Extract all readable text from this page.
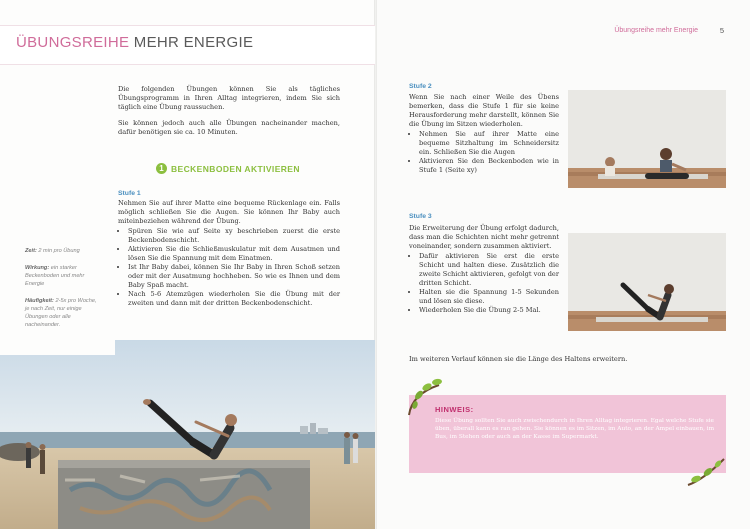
ÜBUNGSREIHE MEHR ENERGIE

Die folgenden Übungen können Sie als tägliches Übungsprogramm in Ihren Alltag integrieren, indem Sie sich täglich eine Übung raussuchen.

Sie können jedoch auch alle Übungen nacheinander machen, dafür benötigen sie ca. 10 Minuten.

1 BECKENBODEN AKTIVIEREN
Stufe 1
Nehmen Sie auf ihrer Matte eine bequeme Rückenlage ein. Falls möglich schließen Sie die Augen. Sie können Ihr Baby auch miteinbeziehen während der Übung.
• Spüren Sie wie auf Seite xy beschrieben zuerst die erste Beckenbodenschicht.
• Aktivieren Sie die Schließmuskulatur mit dem Ausatmen und lösen Sie die Spannung mit dem Einatmen.
• Ist Ihr Baby dabei, können Sie Ihr Baby in Ihren Schoß setzen oder mit der Ausatmung hochheben. So wie es Ihnen und dem Baby Spaß macht.
• Nach 5-6 Atemzügen wiederholen Sie die Übung mit der zweiten und dann mit der dritten Beckenbodenschicht.

Zeit: 2 min pro Übung

Wirkung: ein starker Beckenboden und mehr Energie

Häufigkeit: 2-5x pro Woche, je nach Zeit, nur einige Übungen oder alle nacheinander.

Übungsreihe mehr Energie	5
Stufe 2
Wenn Sie nach einer Weile des Übens bemerken, dass die Stufe 1 für sie keine Herausforderung mehr darstellt, können Sie die Übung im Sitzen wiederholen.
• Nehmen Sie auf ihrer Matte eine bequeme Sitzhaltung im Schneidersitz ein. Schließen Sie die Augen
• Aktivieren Sie den Beckenboden wie in Stufe 1 (Seite xy)
Stufe 3
Die Erweiterung der Übung erfolgt dadurch, dass man die Schichten nicht mehr getrennt voneinander, sondern zusammen aktiviert.
• Dafür aktivieren Sie erst die erste Schicht und halten diese. Zusätzlich die zweite Schicht aktivieren, gefolgt von der dritten Schicht.
• Halten sie die Spannung 1-5 Sekunden und lösen sie diese.
• Wiederholen Sie die Übung 2-5 Mal.
Im weiteren Verlauf können sie die Länge des Haltens erweitern.
HINWEIS:
Diese Übung sollten Sie auch zwischendurch in Ihren Alltag integrieren. Egal welche Stufe sie üben, überall kann es ran gehen. Sie können es im Sitzen, im Auto, an der Ampel einbauen, im Bus, im Stehen oder auch an der Kasse im Supermarkt.
